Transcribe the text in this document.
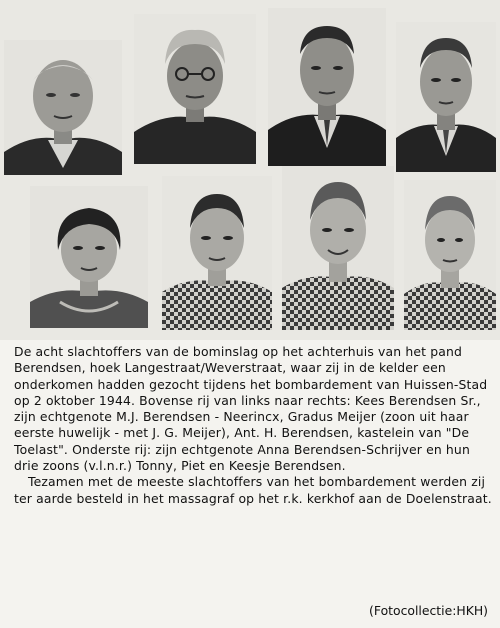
De acht slachtoffers van de bominslag op het achterhuis van het pand Berendsen, hoek Langestraat/Weverstraat, waar zij in de kelder een onderkomen hadden gezocht tijdens het bombardement van Huissen-Stad op 2 oktober 1944. Bovense rij van links naar rechts: Kees Berendsen Sr., zijn echtgenote M.J. Berendsen - Neerincx, Gradus Meijer (zoon uit haar eerste huwelijk - met J. G. Meijer), Ant. H. Berendsen, kastelein van "De Toelast". Onderste rij: zijn echtgenote Anna Berendsen-Schrijver en hun drie zoons (v.l.n.r.) Tonny, Piet en Keesje Berendsen.

Tezamen met de meeste slachtoffers van het bombardement werden zij ter aarde besteld in het massagraf op het r.k. kerkhof aan de Doelenstraat.

(Fotocollectie:HKH)
